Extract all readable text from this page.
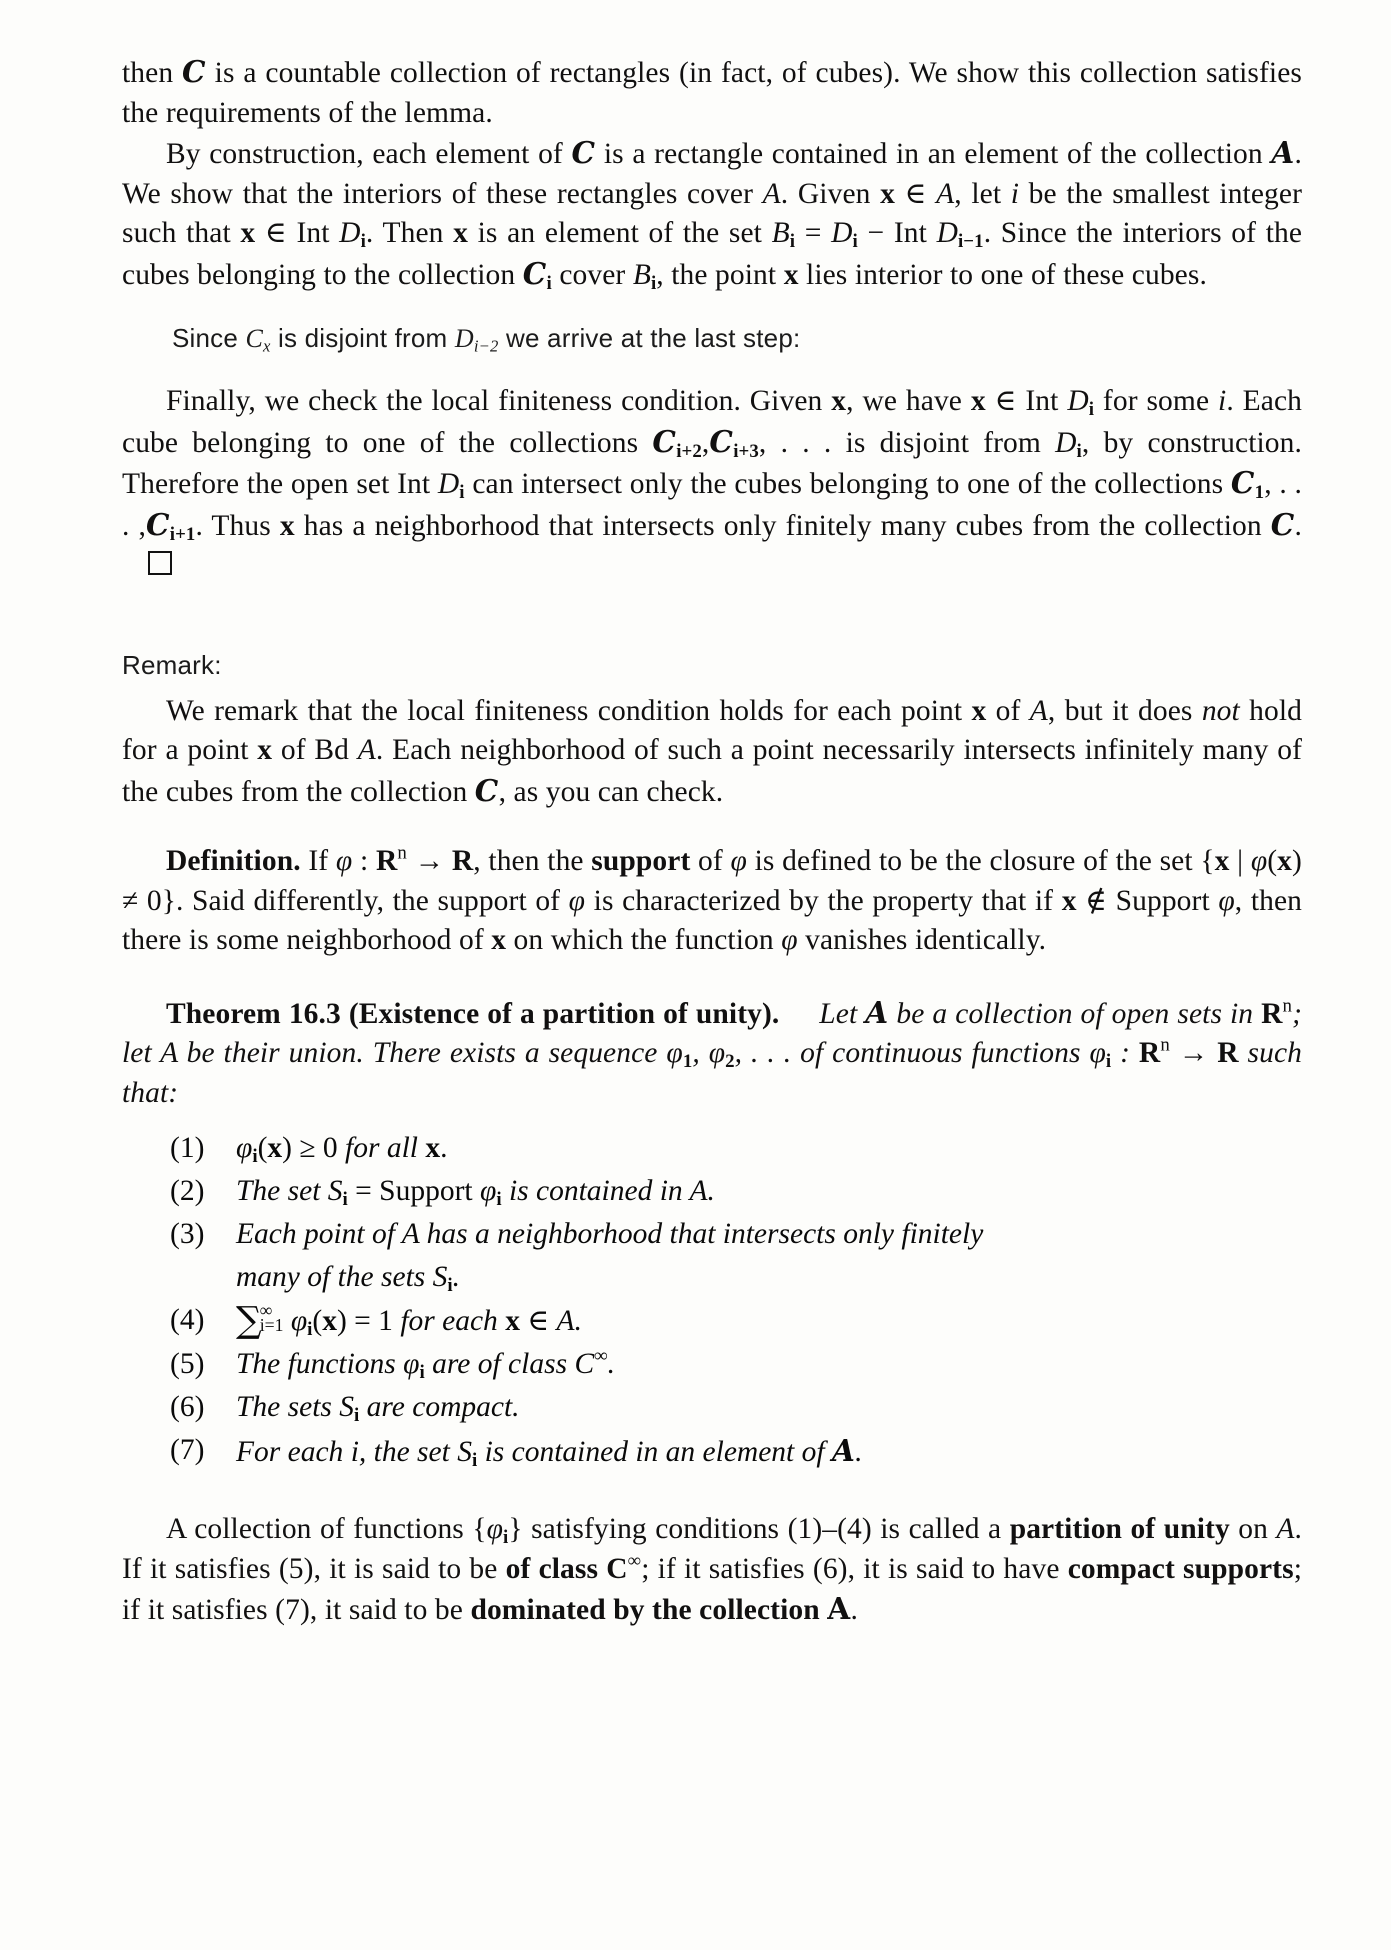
then C is a countable collection of rectangles (in fact, of cubes). We show this collection satisfies the requirements of the lemma.

By construction, each element of C is a rectangle contained in an element of the collection A. We show that the interiors of these rectangles cover A. Given x ∈ A, let i be the smallest integer such that x ∈ Int $D_i$. Then x is an element of the set $B_i = D_i$ − Int $D_{i-1}$. Since the interiors of the cubes belonging to the collection $C_i$ cover $B_i$, the point x lies interior to one of these cubes.

Since $C_x$ is disjoint from $D_{i-2}$ we arrive at the last step:

Finally, we check the local finiteness condition. Given x, we have x ∈ Int $D_i$ for some i. Each cube belonging to one of the collections $C_{i+2},C_{i+3}$, . . . is disjoint from $D_i$, by construction. Therefore the open set Int $D_i$ can intersect only the cubes belonging to one of the collections $C_1$, . . . $,C_{i+1}$. Thus x has a neighborhood that intersects only finitely many cubes from the collection C.

Remark:

We remark that the local finiteness condition holds for each point x of A, but it does not hold for a point x of Bd A. Each neighborhood of such a point necessarily intersects infinitely many of the cubes from the collection C, as you can check.

Definition. If φ : $R^n \to R$, then the support of φ is defined to be the closure of the set {x | φ(x) ≠ 0}. Said differently, the support of φ is characterized by the property that if x ∉ Support φ, then there is some neighborhood of x on which the function φ vanishes identically.

Theorem 16.3 (Existence of a partition of unity). Let A be a collection of open sets in $R^n$; let A be their union. There exists a sequence $\varphi_1$, $\varphi_2$, . . . of continuous functions $\varphi_i$ : $R^n \to R$ such that:

(1)	$\varphi_i(x) \ge 0$ for all x.
(2)	The set $S_i$ = Support $\varphi_i$ is contained in A.
(3)	Each point of A has a neighborhood that intersects only finitely
many of the sets $S_i$.
(4) ∑
∞
i=1 $\varphi_i(x) = 1$ for each x ∈ A.
(5)	The functions $\varphi_i$ are of class C∞.
(6)	The sets $S_i$ are compact.
(7)	For each i, the set $S_i$ is contained in an element of A.

A collection of functions $\{\varphi_i\}$ satisfying conditions (1)–(4) is called a partition of unity on A. If it satisfies (5), it is said to be of class C∞; if it satisfies (6), it is said to have compact supports; if it satisfies (7), it said to be dominated by the collection A.
